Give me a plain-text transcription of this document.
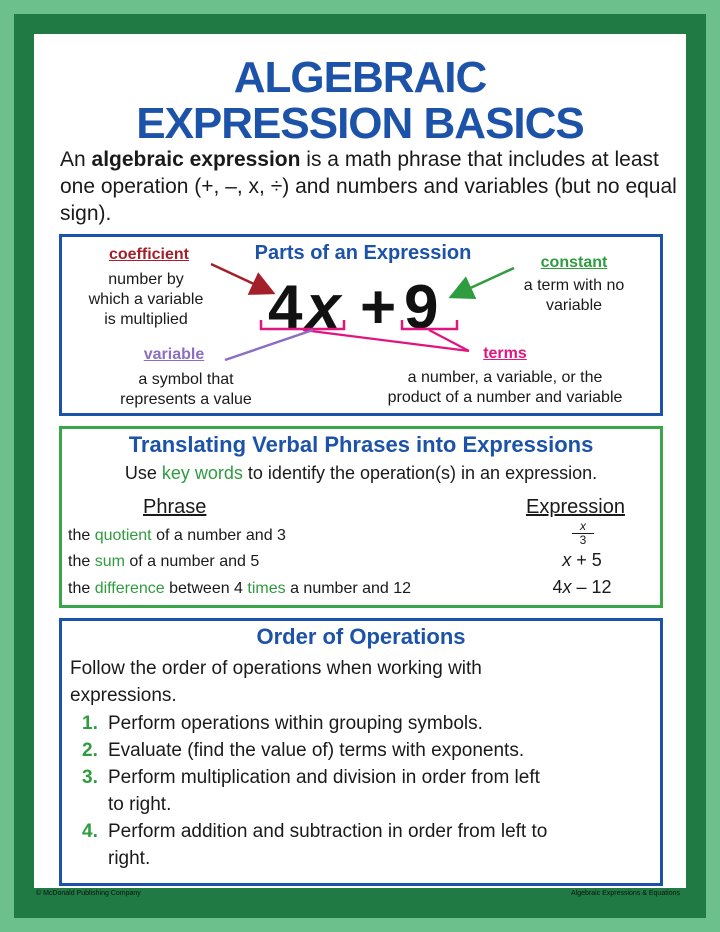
ALGEBRAIC
EXPRESSION BASICS
An algebraic expression is a math phrase that includes at least one operation (+, –, x, ÷) and numbers and variables (but no equal sign).
Parts of an Expression
coefficient
number by
which a variable
is multiplied
constant
a term with no
variable
4 x + 9
variable
a symbol that
represents a value
terms
a number, a variable, or the
product of a number and variable
Translating Verbal Phrases into Expressions
Use key words to identify the operation(s) in an expression.
Phrase	Expression
the quotient of a number and 3	$\frac{x}{3}$
the sum of a number and 5	x + 5
the difference between 4 times a number and 12	4x – 12
Order of Operations
Follow the order of operations when working with
expressions.
1. Perform operations within grouping symbols.
2. Evaluate (find the value of) terms with exponents.
3. Perform multiplication and division in order from left
to right.
4. Perform addition and subtraction in order from left to
right.
© McDonald Publishing Company	Algebraic Expressions & Equations
